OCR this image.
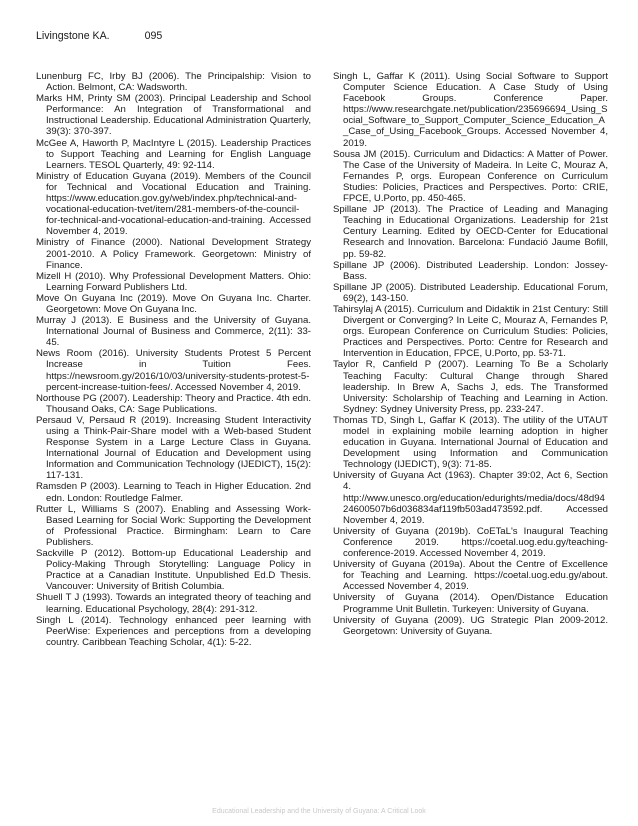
Livingstone KA.	095

Lunenburg FC, Irby BJ (2006). The Principalship: Vision to Action. Belmont, CA: Wadsworth.

Marks HM, Printy SM (2003). Principal Leadership and School Performance: An Integration of Transformational and Instructional Leadership. Educational Administration Quarterly, 39(3): 370-397.

McGee A, Haworth P, MacIntyre L (2015). Leadership Practices to Support Teaching and Learning for English Language Learners. TESOL Quarterly, 49: 92-114.

Ministry of Education Guyana (2019). Members of the Council for Technical and Vocational Education and Training. https://www.education.gov.gy/web/index.php/technical-and-vocational-education-tvet/item/281-members-of-the-council-for-technical-and-vocational-education-and-training. Accessed November 4, 2019.

Ministry of Finance (2000). National Development Strategy 2001-2010. A Policy Framework. Georgetown: Ministry of Finance.

Mizell H (2010). Why Professional Development Matters. Ohio: Learning Forward Publishers Ltd.

Move On Guyana Inc (2019). Move On Guyana Inc. Charter. Georgetown: Move On Guyana Inc.

Murray J (2013). E Business and the University of Guyana. International Journal of Business and Commerce, 2(11): 33-45.

News Room (2016). University Students Protest 5 Percent Increase in Tuition Fees. https://newsroom.gy/2016/10/03/university-students-protest-5-percent-increase-tuition-fees/. Accessed November 4, 2019.

Northouse PG (2007). Leadership: Theory and Practice. 4th edn. Thousand Oaks, CA: Sage Publications.

Persaud V, Persaud R (2019). Increasing Student Interactivity using a Think-Pair-Share model with a Web-based Student Response System in a Large Lecture Class in Guyana. International Journal of Education and Development using Information and Communication Technology (IJEDICT), 15(2): 117-131.

Ramsden P (2003). Learning to Teach in Higher Education. 2nd edn. London: Routledge Falmer.

Rutter L, Williams S (2007). Enabling and Assessing Work-Based Learning for Social Work: Supporting the Development of Professional Practice. Birmingham: Learn to Care Publishers.

Sackville P (2012). Bottom-up Educational Leadership and Policy-Making Through Storytelling: Language Policy in Practice at a Canadian Institute. Unpublished Ed.D Thesis. Vancouver: University of British Columbia.

Shuell T J (1993). Towards an integrated theory of teaching and learning. Educational Psychology, 28(4): 291-312.

Singh L (2014). Technology enhanced peer learning with PeerWise: Experiences and perceptions from a developing country. Caribbean Teaching Scholar, 4(1): 5-22.

Singh L, Gaffar K (2011). Using Social Software to Support Computer Science Education. A Case Study of Using Facebook Groups. Conference Paper. https://www.researchgate.net/publication/235696694_Using_Social_Software_to_Support_Computer_Science_Education_A_Case_of_Using_Facebook_Groups. Accessed November 4, 2019.

Sousa JM (2015). Curriculum and Didactics: A Matter of Power. The Case of the University of Madeira. In Leite C, Mouraz A, Fernandes P, orgs. European Conference on Curriculum Studies: Policies, Practices and Perspectives. Porto: CRIE, FPCE, U.Porto, pp. 450-465.

Spillane JP (2013). The Practice of Leading and Managing Teaching in Educational Organizations. Leadership for 21st Century Learning. Edited by OECD-Center for Educational Research and Innovation. Barcelona: Fundació Jaume Bofill, pp. 59-82.

Spillane JP (2006). Distributed Leadership. London: Jossey-Bass.

Spillane JP (2005). Distributed Leadership. Educational Forum, 69(2), 143-150.

Tahirsylaj A (2015). Curriculum and Didaktik in 21st Century: Still Divergent or Converging? In Leite C, Mouraz A, Fernandes P, orgs. European Conference on Curriculum Studies: Policies, Practices and Perspectives. Porto: Centre for Research and Intervention in Education, FPCE, U.Porto, pp. 53-71.

Taylor R, Canfield P (2007). Learning To Be a Scholarly Teaching Faculty: Cultural Change through Shared leadership. In Brew A, Sachs J, eds. The Transformed University: Scholarship of Teaching and Learning in Action. Sydney: Sydney University Press, pp. 233-247.

Thomas TD, Singh L, Gaffar K (2013). The utility of the UTAUT model in explaining mobile learning adoption in higher education in Guyana. International Journal of Education and Development using Information and Communication Technology (IJEDICT), 9(3): 71-85.

University of Guyana Act (1963). Chapter 39:02, Act 6, Section 4. http://www.unesco.org/education/edurights/media/docs/48d9424600507b6d036834af119fb503ad473592.pdf. Accessed November 4, 2019.

University of Guyana (2019b). CoETaL's Inaugural Teaching Conference 2019. https://coetal.uog.edu.gy/teaching-conference-2019. Accessed November 4, 2019.

University of Guyana (2019a). About the Centre of Excellence for Teaching and Learning. https://coetal.uog.edu.gy/about. Accessed November 4, 2019.

University of Guyana (2014). Open/Distance Education Programme Unit Bulletin. Turkeyen: University of Guyana.

University of Guyana (2009). UG Strategic Plan 2009-2012. Georgetown: University of Guyana.

Educational Leadership and the University of Guyana: A Critical Look
